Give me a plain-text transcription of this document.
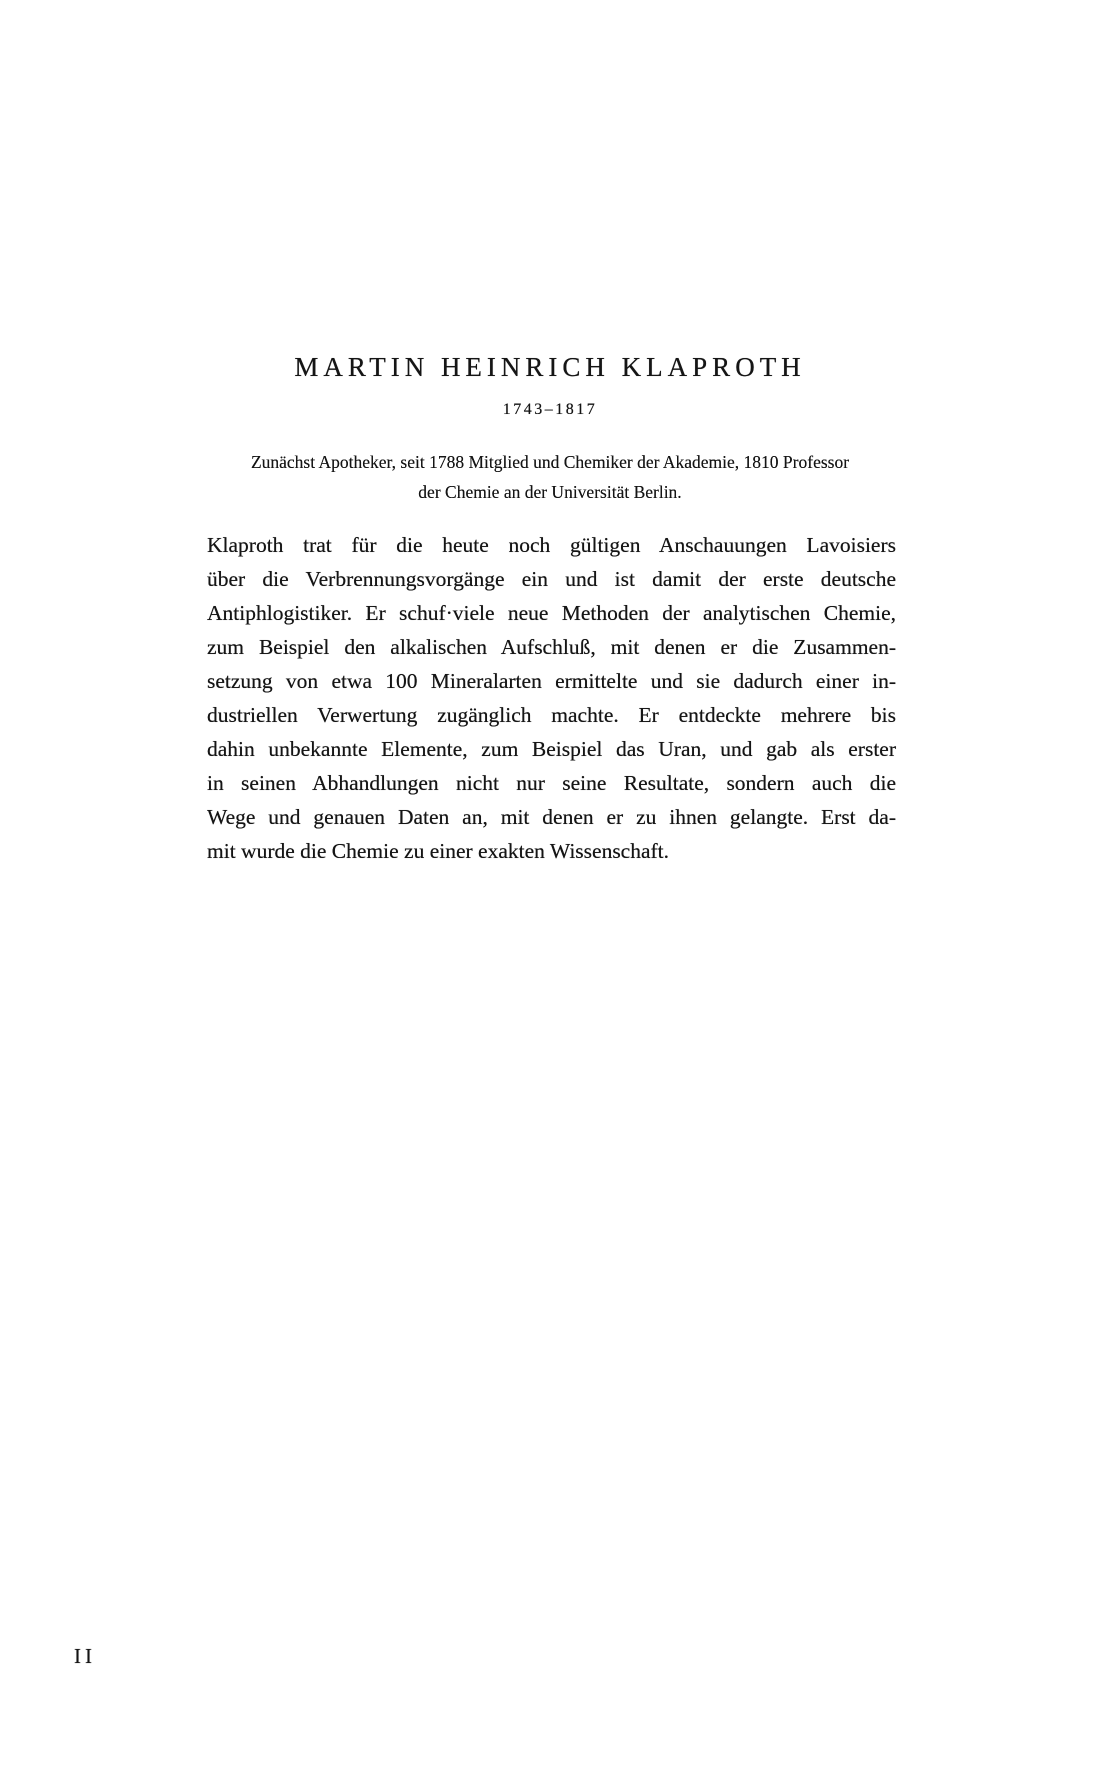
MARTIN HEINRICH KLAPROTH
1743–1817
Zunächst Apotheker, seit 1788 Mitglied und Chemiker der Akademie, 1810 Professor
der Chemie an der Universität Berlin.
Klaproth trat für die heute noch gültigen Anschauungen Lavoisiers
über die Verbrennungsvorgänge ein und ist damit der erste deutsche
Antiphlogistiker. Er schuf·viele neue Methoden der analytischen Chemie,
zum Beispiel den alkalischen Aufschluß, mit denen er die Zusammen-
setzung von etwa 100 Mineralarten ermittelte und sie dadurch einer in-
dustriellen Verwertung zugänglich machte. Er entdeckte mehrere bis
dahin unbekannte Elemente, zum Beispiel das Uran, und gab als erster
in seinen Abhandlungen nicht nur seine Resultate, sondern auch die
Wege und genauen Daten an, mit denen er zu ihnen gelangte. Erst da-
mit wurde die Chemie zu einer exakten Wissenschaft.
II
